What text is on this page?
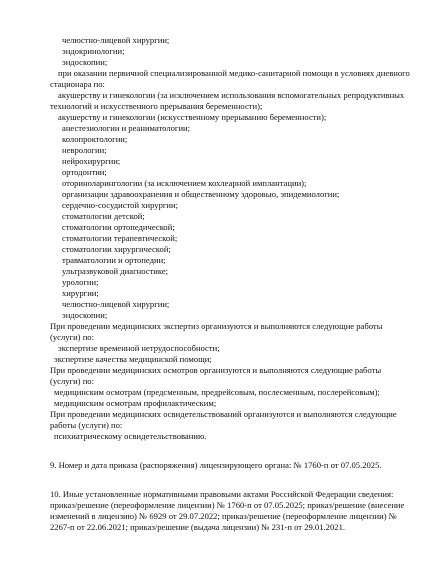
челюстно-лицевой хирургии;
эндокринологии;
эндоскопии;
при оказании первичной специализированной медико-санитарной помощи в условиях дневного
стационара по:
акушерству и гинекологии (за исключением использования вспомогательных репродуктивных
технологий и искусственного прерывания беременности);
акушерству и гинекологии (искусственному прерыванию беременности);
анестезиологии и реаниматологии;
колопроктологии;
неврологии;
нейрохирургии;
ортодонтии;
оториноларингологии (за исключением кохлеарной имплантации);
организации здравоохранения и общественному здоровью, эпидемиологии;
сердечно-сосудистой хирургии;
стоматологии детской;
стоматологии ортопедической;
стоматологии терапевтической;
стоматологии хирургической;
травматологии и ортопедии;
ультразвуковой диагностике;
урологии;
хирургии;
челюстно-лицевой хирургии;
эндоскопии;
При проведении медицинских экспертиз организуются и выполняются следующие работы
(услуги) по:
экспертизе временной нетрудоспособности;
экспертизе качества медицинской помощи;
При проведении медицинских осмотров организуются и выполняются следующие работы
(услуги) по:
медицинским осмотрам (предсменным, предрейсовым, послесменным, послерейсовым);
медицинским осмотрам профилактическим;
При проведении медицинских освидетельствований организуются и выполняются следующие
работы (услуги) по:
психиатрическому освидетельствованию.
9. Номер и дата приказа (распоряжения) лицензирующего органа: № 1760-п от 07.05.2025.
10. Иные установленные нормативными правовыми актами Российской Федерации сведения:
приказ/решение (переоформление лицензии) № 1760-п от 07.05.2025; приказ/решение (внесение
изменений в лицензию) № 6929 от 29.07.2022; приказ/решение (переоформление лицензии) №
2267-п от 22.06.2021; приказ/решение (выдача лицензии) № 231-п от 29.01.2021.
